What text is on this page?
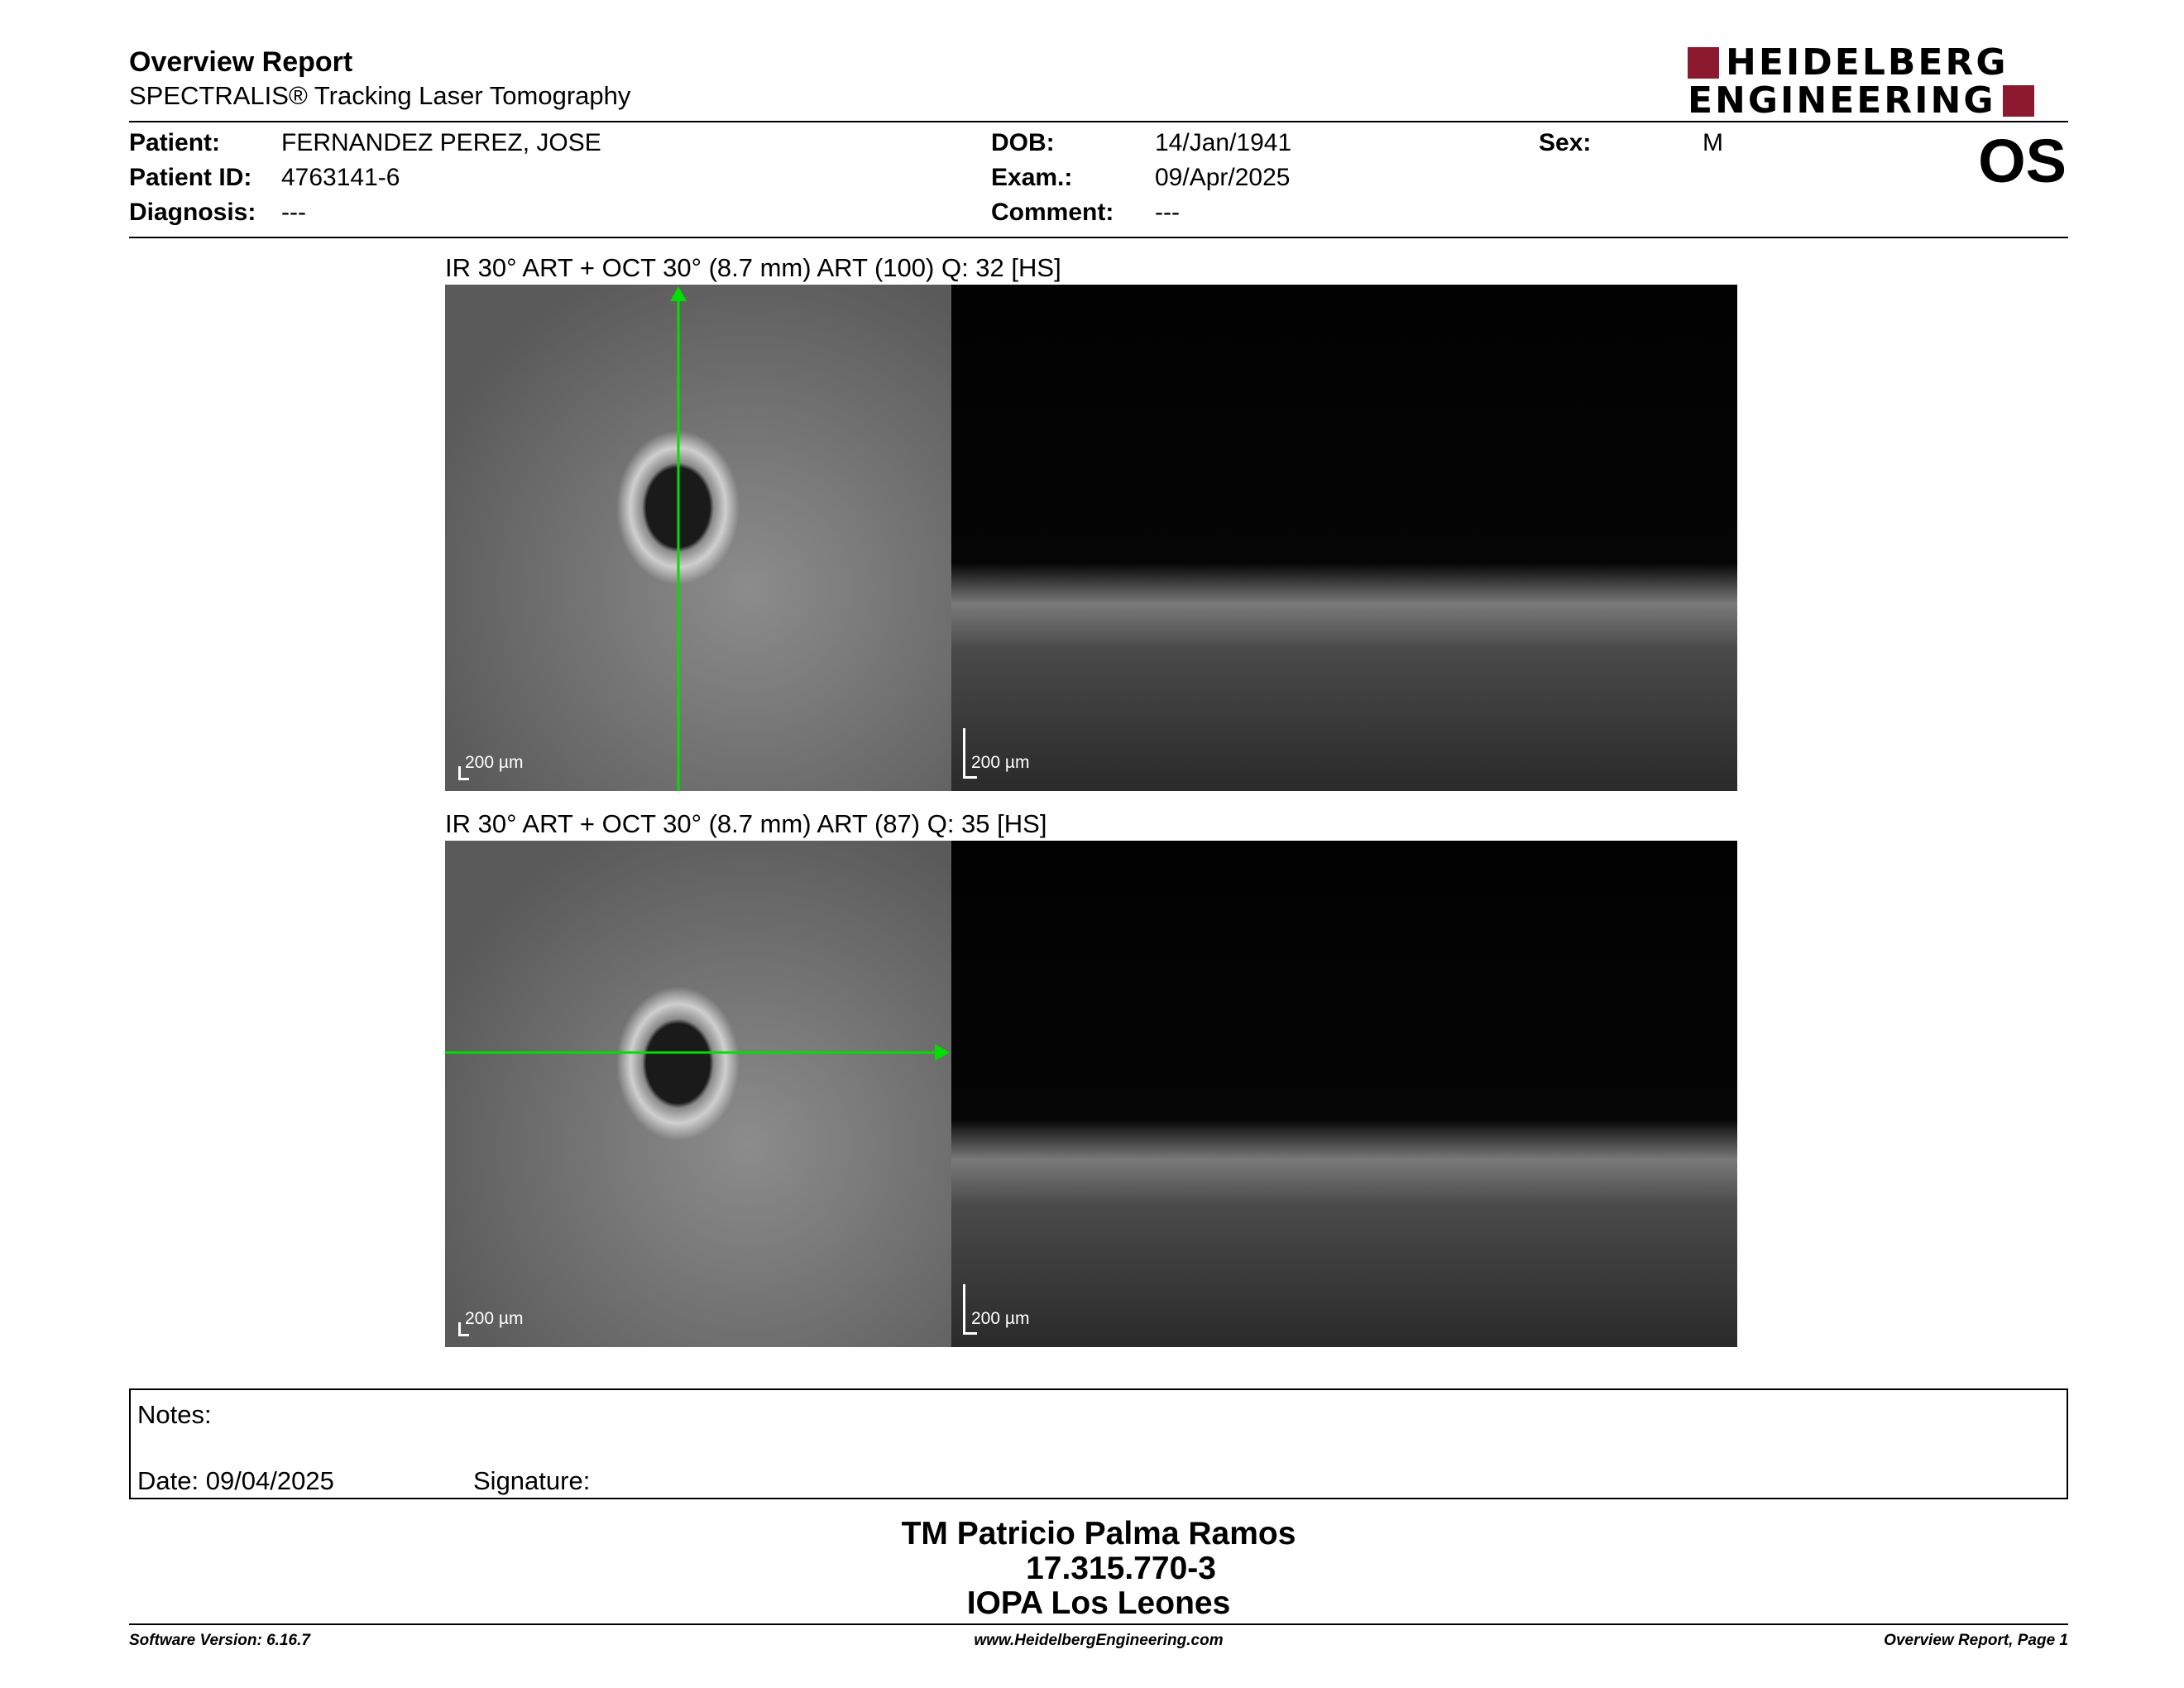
Overview Report
SPECTRALIS® Tracking Laser Tomography
HEIDELBERG
ENGINEERING
Patient: FERNANDEZ PEREZ, JOSE
Patient ID: 4763141-6
Diagnosis: ---
DOB:	14/Jan/1941
Exam.:	09/Apr/2025
Comment: ---
Sex:	M	OS
IR 30° ART + OCT 30° (8.7 mm) ART (100) Q: 32 [HS]
200 µm	200 µm
IR 30° ART + OCT 30° (8.7 mm) ART (87) Q: 35 [HS]
200 µm	200 µm
Notes:
Date: 09/04/2025	Signature:
TM Patricio Palma Ramos
17.315.770-3
IOPA Los Leones
Software Version: 6.16.7	www.HeidelbergEngineering.com	Overview Report, Page 1
